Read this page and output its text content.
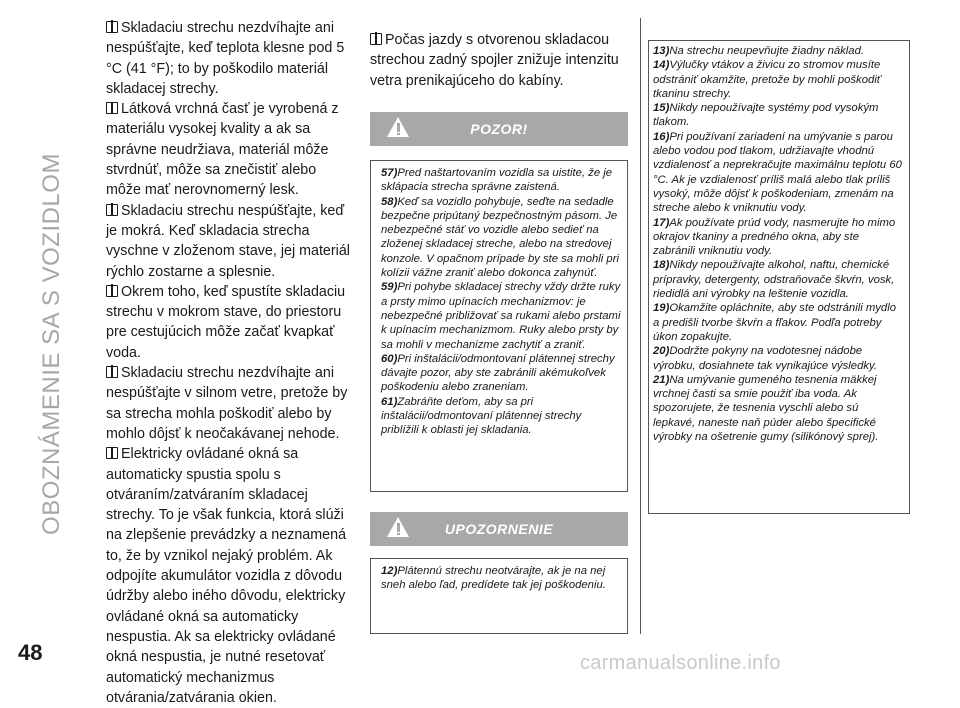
OBOZNÁMENIE SA S VOZIDLOM
48	carmanualsonline.info

Skladaciu strechu nezdvíhajte ani nespúšťajte, keď teplota klesne pod 5 °C (41 °F); to by poškodilo materiál skladacej strechy.

Látková vrchná časť je vyrobená z materiálu vysokej kvality a ak sa správne neudržiava, materiál môže stvrdnúť, môže sa znečistiť alebo môže mať nerovnomerný lesk.

Skladaciu strechu nespúšťajte, keď je mokrá. Keď skladacia strecha vyschne v zloženom stave, jej materiál rýchlo zostarne a splesnie.

Okrem toho, keď spustíte skladaciu strechu v mokrom stave, do priestoru pre cestujúcich môže začať kvapkať voda.

Skladaciu strechu nezdvíhajte ani nespúšťajte v silnom vetre, pretože by sa strecha mohla poškodiť alebo by mohlo dôjsť k neočakávanej nehode.

Elektricky ovládané okná sa automaticky spustia spolu s otváraním/zatváraním skladacej strechy. To je však funkcia, ktorá slúži na zlepšenie prevádzky a neznamená to, že by vznikol nejaký problém. Ak odpojíte akumulátor vozidla z dôvodu údržby alebo iného dôvodu, elektricky ovládané okná sa automaticky nespustia. Ak sa elektricky ovládané okná nespustia, je nutné resetovať automatický mechanizmus otvárania/zatvárania okien.

Počas jazdy s otvorenou skladacou strechou zadný spojler znižuje intenzitu vetra prenikajúceho do kabíny.

POZOR!

57)Pred naštartovaním vozidla sa uistite, že je sklápacia strecha správne zaistená.

58)Keď sa vozidlo pohybuje, seďte na sedadle bezpečne pripútaný bezpečnostným pásom. Je nebezpečné stáť vo vozidle alebo sedieť na zloženej skladacej streche, alebo na stredovej konzole. V opačnom prípade by ste sa mohli pri kolízii vážne zraniť alebo dokonca zahynúť.

59)Pri pohybe skladacej strechy vždy držte ruky a prsty mimo upínacích mechanizmov: je nebezpečné približovať sa rukami alebo prstami k upínacím mechanizmom. Ruky alebo prsty by sa mohli v mechanizme zachytiť a zraniť.

60)Pri inštalácii/odmontovaní plátennej strechy dávajte pozor, aby ste zabránili akémukoľvek poškodeniu alebo zraneniam.

61)Zabráňte deťom, aby sa pri inštalácii/odmontovaní plátennej strechy priblížili k oblasti jej skladania.

UPOZORNENIE

12)Plátennú strechu neotvárajte, ak je na nej sneh alebo ľad, predídete tak jej poškodeniu.

13)Na strechu neupevňujte žiadny náklad.

14)Výlučky vtákov a živicu zo stromov musíte odstrániť okamžite, pretože by mohli poškodiť tkaninu strechy.

15)Nikdy nepoužívajte systémy pod vysokým tlakom.

16)Pri používaní zariadení na umývanie s parou alebo vodou pod tlakom, udržiavajte vhodnú vzdialenosť a neprekračujte maximálnu teplotu 60 °C. Ak je vzdialenosť príliš malá alebo tlak príliš vysoký, môže dôjsť k poškodeniam, zmenám na streche alebo k vniknutiu vody.

17)Ak používate prúd vody, nasmerujte ho mimo okrajov tkaniny a predného okna, aby ste zabránili vniknutiu vody.

18)Nikdy nepoužívajte alkohol, naftu, chemické prípravky, detergenty, odstraňovače škvŕn, vosk, riedidlá ani výrobky na leštenie vozidla.

19)Okamžite opláchnite, aby ste odstránili mydlo a predišli tvorbe škvŕn a fľakov. Podľa potreby úkon zopakujte.

20)Dodržte pokyny na vodotesnej nádobe výrobku, dosiahnete tak vynikajúce výsledky.

21)Na umývanie gumeného tesnenia mäkkej vrchnej časti sa smie použiť iba voda. Ak spozorujete, že tesnenia vyschli alebo sú lepkavé, naneste naň púder alebo špecifické výrobky na ošetrenie gumy (silikónový sprej).
